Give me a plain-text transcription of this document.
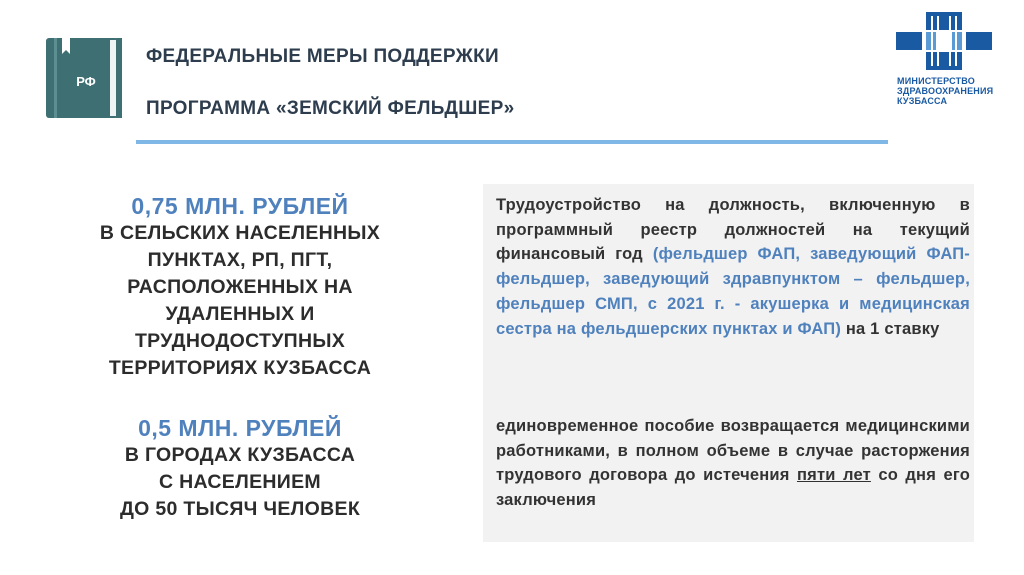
РФ
ФЕДЕРАЛЬНЫЕ МЕРЫ ПОДДЕРЖКИ
ПРОГРАММА «ЗЕМСКИЙ ФЕЛЬДШЕР»
МИНИСТЕРСТВО
ЗДРАВООХРАНЕНИЯ
КУЗБАССА
0,75 МЛН. РУБЛЕЙ
В СЕЛЬСКИХ НАСЕЛЕННЫХ
ПУНКТАХ, РП, ПГТ,
РАСПОЛОЖЕННЫХ НА
УДАЛЕННЫХ И
ТРУДНОДОСТУПНЫХ
ТЕРРИТОРИЯХ КУЗБАССА
0,5 МЛН. РУБЛЕЙ
В ГОРОДАХ КУЗБАССА
С НАСЕЛЕНИЕМ
ДО 50 ТЫСЯЧ ЧЕЛОВЕК
Трудоустройство на должность, включенную в программный реестр должностей на текущий финансовый год (фельдшер ФАП, заведующий ФАП-фельдшер, заведующий здравпунктом – фельдшер, фельдшер СМП, с 2021 г. - акушерка и медицинская сестра на фельдшерских пунктах и ФАП) на 1 ставку
единовременное пособие возвращается медицинскими работниками, в полном объеме в случае расторжения трудового договора до истечения пяти лет со дня его заключения
